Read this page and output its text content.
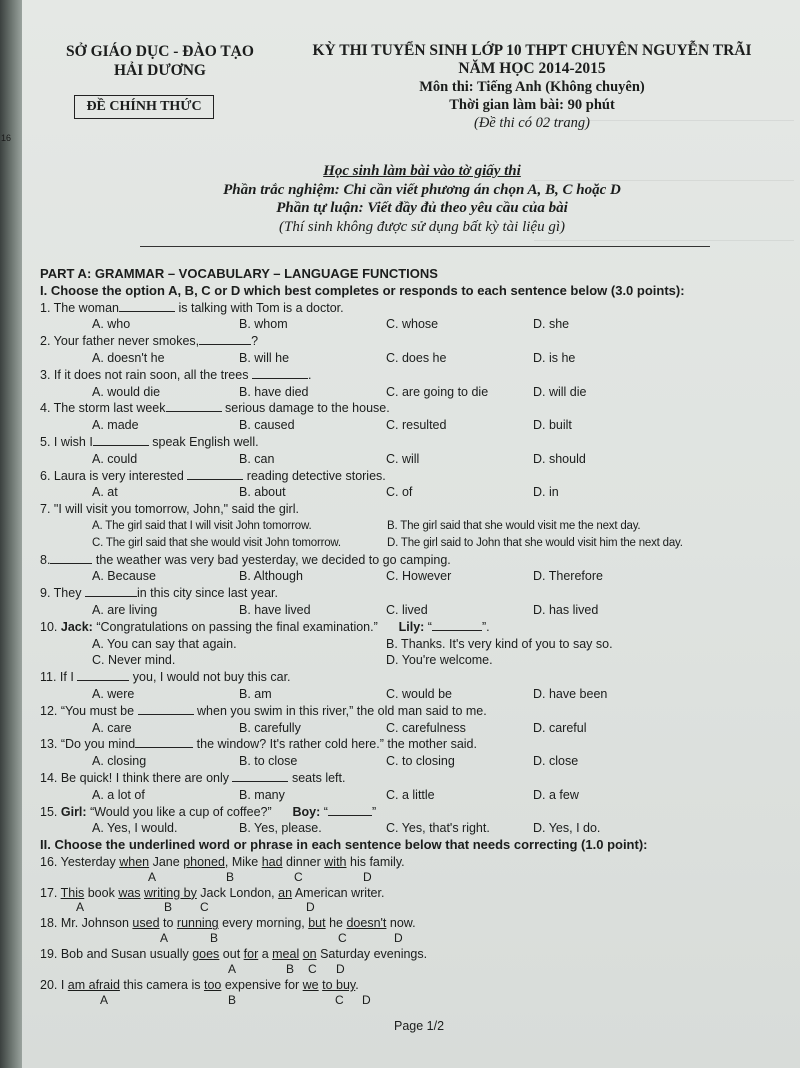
16
SỞ GIÁO DỤC - ĐÀO TẠO
HẢI DƯƠNG
ĐỀ CHÍNH THỨC
KỲ THI TUYỂN SINH LỚP 10 THPT CHUYÊN NGUYỄN TRÃI
NĂM HỌC 2014-2015
Môn thi: Tiếng Anh (Không chuyên)
Thời gian làm bài: 90 phút
(Đề thi có 02 trang)
Học sinh làm bài vào tờ giấy thi
Phần trắc nghiệm: Chỉ cần viết phương án chọn A, B, C hoặc D
Phần tự luận: Viết đầy đủ theo yêu cầu của bài
(Thí sinh không được sử dụng bất kỳ tài liệu gì)
PART A: GRAMMAR – VOCABULARY – LANGUAGE FUNCTIONS
I. Choose the option A, B, C or D which best completes or responds to each sentence below (3.0 points):
1. The woman	is talking with Tom is a doctor.
A. who	B. whom	C. whose	D. she
2. Your father never smokes,	?
A. doesn't he	B. will he	C. does he	D. is he
3. If it does not rain soon, all the trees	.
A. would die	B. have died	C. are going to die	D. will die
4. The storm last week	serious damage to the house.
A. made	B. caused	C. resulted	D. built
5. I wish I	speak English well.
A. could	B. can	C. will	D. should
6. Laura is very interested	reading detective stories.
A. at	B. about	C. of	D. in
7. "I will visit you tomorrow, John," said the girl.
A. The girl said that I will visit John tomorrow.	B. The girl said that she would visit me the next day.
C. The girl said that she would visit John tomorrow.	D. The girl said to John that she would visit him the next day.
8.	the weather was very bad yesterday, we decided to go camping.
A. Because	B. Although	C. However	D. Therefore
9. They	in this city since last year.
A. are living	B. have lived	C. lived	D. has lived
10. Jack: “Congratulations on passing the final examination.” Lily: “	”.
A. You can say that again.	B. Thanks. It's very kind of you to say so.
C. Never mind.	D. You're welcome.
11. If I	you, I would not buy this car.
A. were	B. am	C. would be	D. have been
12. “You must be	when you swim in this river,” the old man said to me.
A. care	B. carefully	C. carefulness	D. careful
13. “Do you mind	the window? It's rather cold here.” the mother said.
A. closing	B. to close	C. to closing	D. close
14. Be quick! I think there are only	seats left.
A. a lot of	B. many	C. a little	D. a few
15. Girl: “Would you like a cup of coffee?” Boy: “	”
A. Yes, I would.	B. Yes, please.	C. Yes, that's right.	D. Yes, I do.
II. Choose the underlined word or phrase in each sentence below that needs correcting (1.0 point):
16. Yesterday when Jane phoned, Mike had dinner with his family.
A	B	C	D
17. This book was writing by Jack London, an American writer.
A	B C	D
18. Mr. Johnson used to running every morning, but he doesn't now.
A	B	C	D
19. Bob and Susan usually goes out for a meal on Saturday evenings.
A	B C D
20. I am afraid this camera is too expensive for we to buy.
A	B	C D
Page 1/2
